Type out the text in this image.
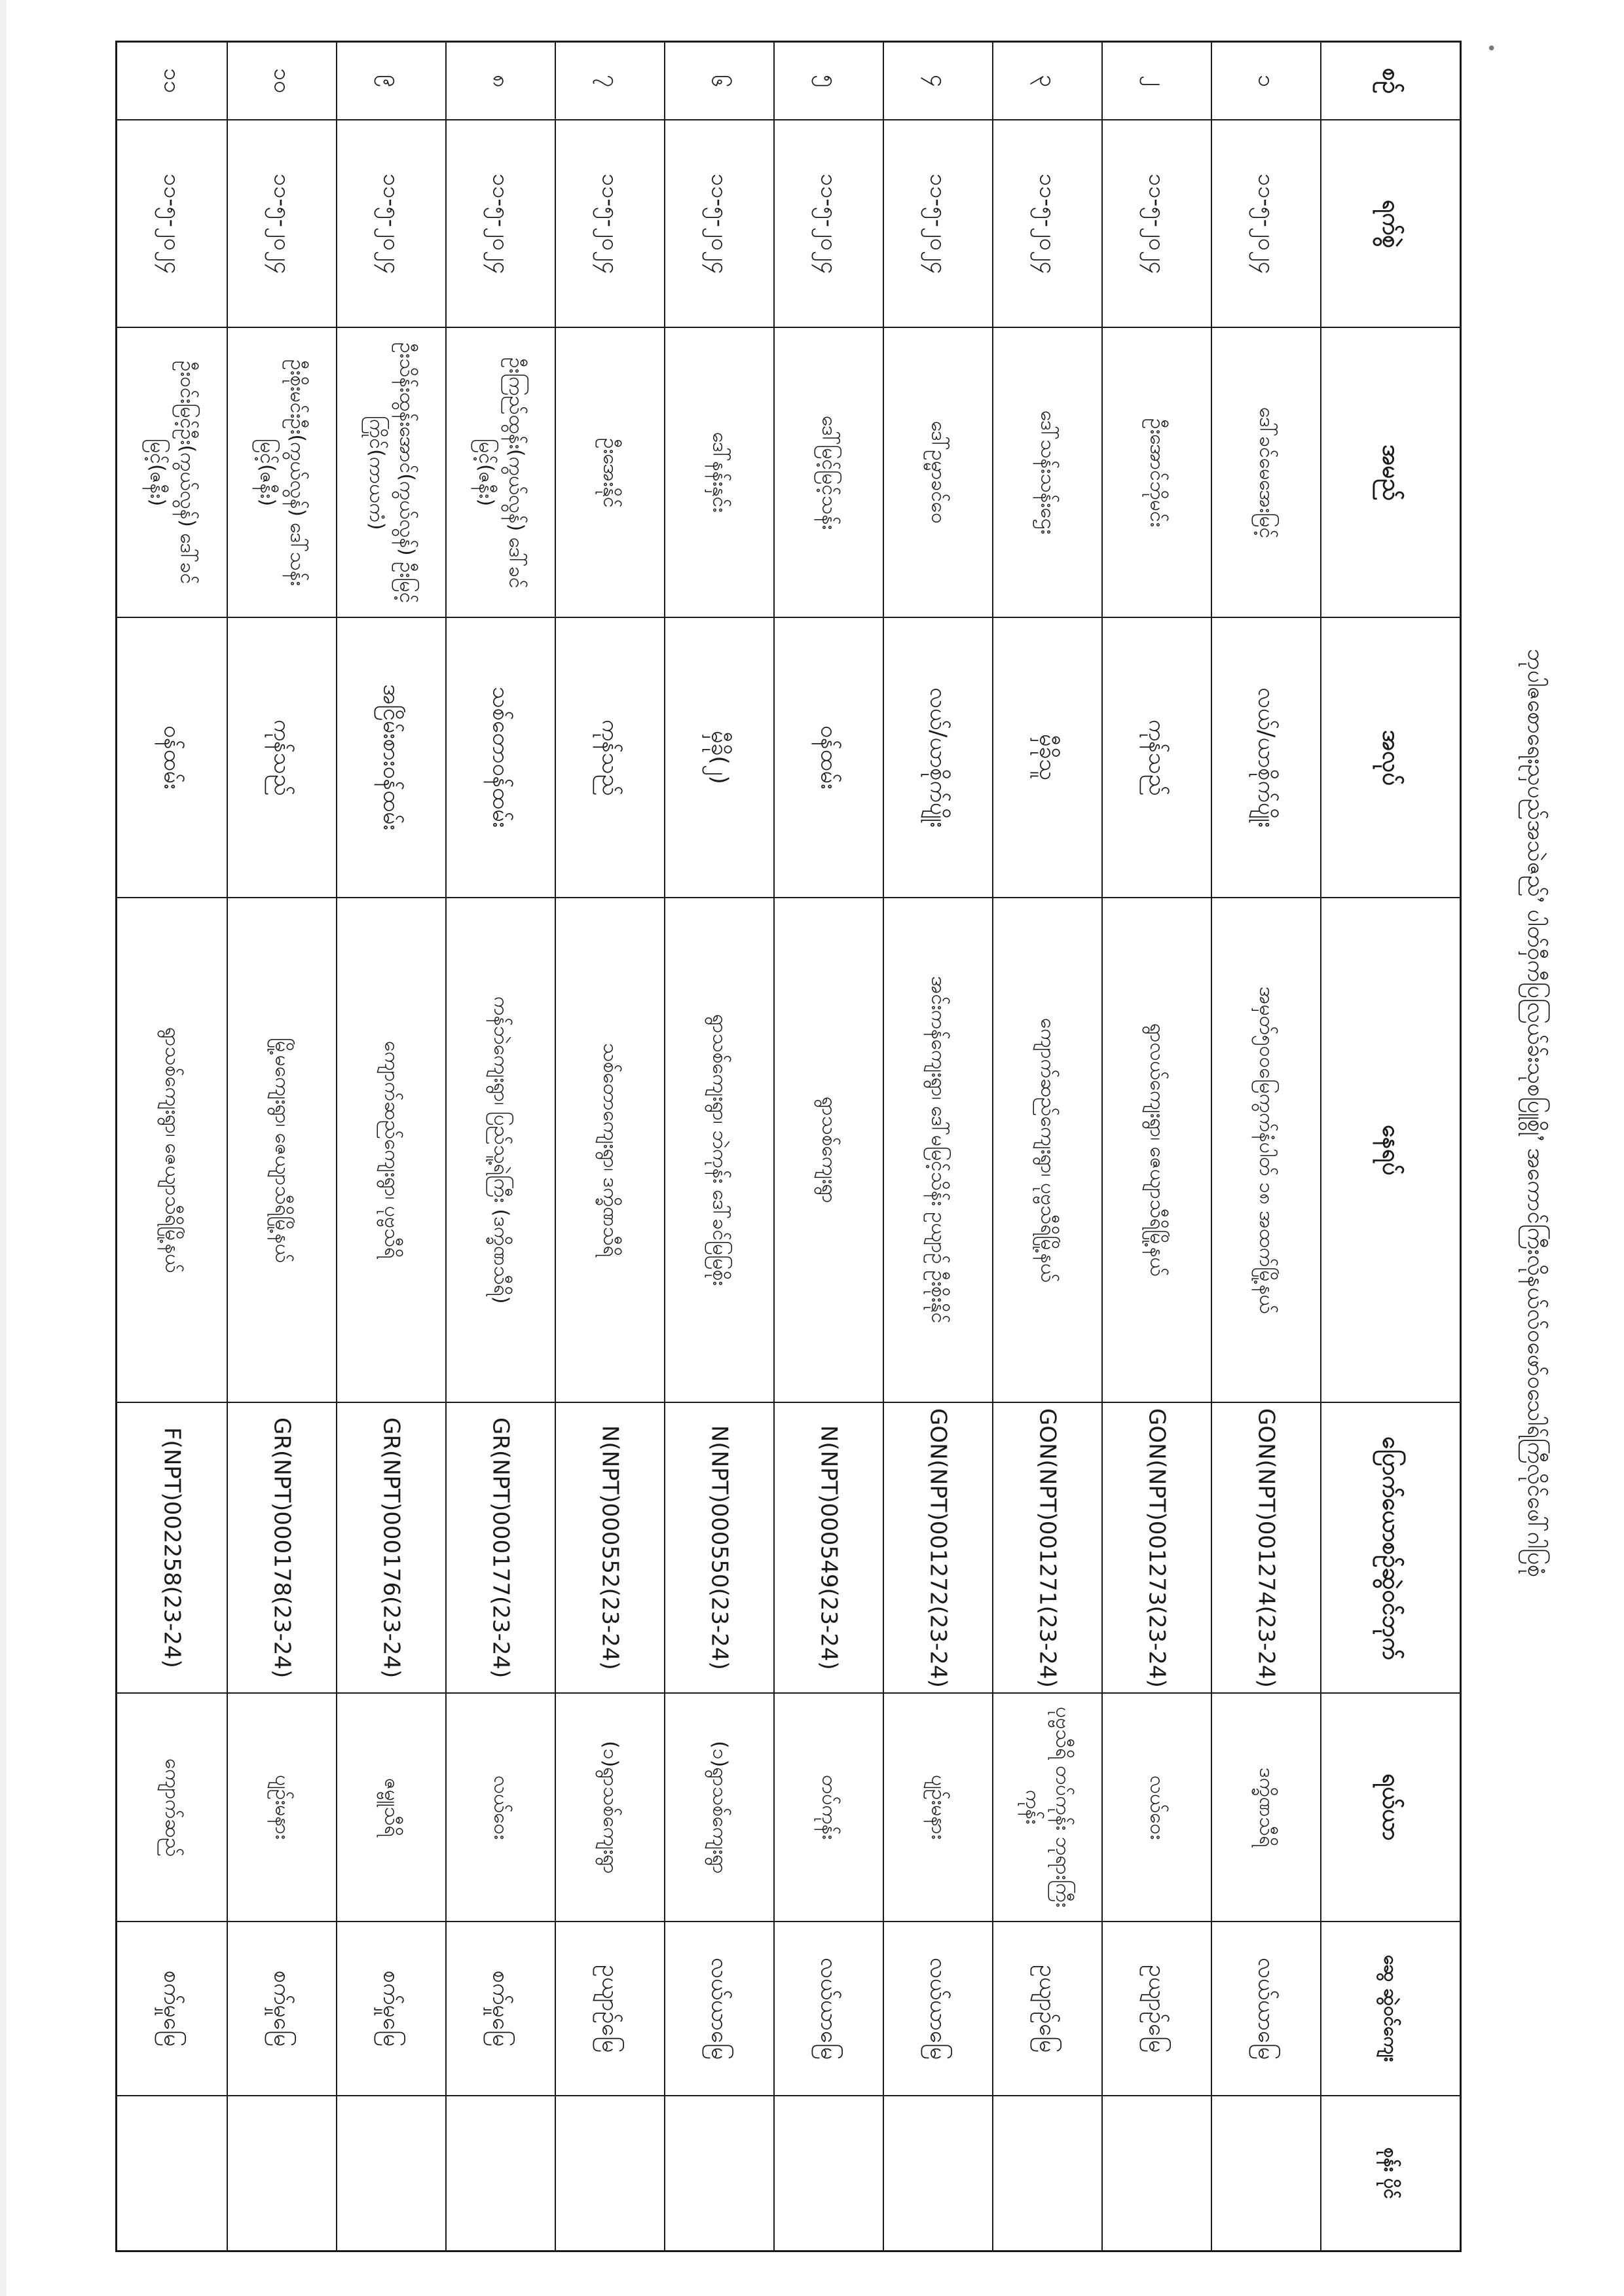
•
ဘုပါဇစောရေးညှပည်အသဲဇည်ႛ ပါတ်ဝှီကီပြလြယ်ခ်းသုစပြူစွိုႛ အကောင်ကြီးလိုနယ်လ်ဝဖော်ဝသေါရ်ကြီလိုင်ဖေါ်ဂါပြစုံ
စဉ်
ရက်စွဲ
အမည်
အလုပ်
နေရပ်
ပြောက်ယောစဉ်ဆွဲဝင်ဘုက်
ရယ်ယာ
ဆွေ ဆွဲဝင်ကျေး
စုန်း ပိုင်
၁
၁၁-၅-၂၀၂၄
ဒေါ်ခင်မေအေးမြင့်
လယ်/ယာစိုက်ပျိုး
အမှတ်၅၀၀မြေကွက်နံပါတ် ၁၈ အထက်မြို့နယ်
GON(NPT)001274(23-24)
ဒက္ခိဏသီရိ
လယ်ယာမြေ
၂
၁၁-၅-၂၀၂၄
ဦးအောင်ဘိုမင်း
ကုန်သည်
ရွာလယ်ကျေးရွာ၊ ဇေယျာသီရိမြို့နယ်
GON(NPT)001273(23-24)
လယ်ဝေး
ဥယျာဉ်မြေ
၃
၁၁-၅-၂၀၂၄
ဒေါ်သန်းသန်းဌေး
မှီခိုသူ
ကျောက်ဆည်ကျေးရွာ၊ ပုဗ္ဗသီရိမြို့နယ်
GON(NPT)001271(23-24)
ပုဗ္ဗသီရိ တပ်ကုန်း ဘုရားကြီးကုန်း
ဥယျာဉ်မြေ
၄
၁၁-၅-၂၀၂၄
ဒေါ်ဥမ္မာခင်ဝေ
လယ်/ယာစိုက်ပျိုး
အင်းကန်ကျေးရွာ၊ ဒေါ်မမြင့်သိန်း ဥယျာဉ် ဦးစိုးနိုင်
GON(NPT)001272(23-24)
ပျဉ်းမနား
လယ်ယာမြေ
၅
၁၁-၅-၂၀၂၄
ဒေါ်မြင့်မြင့်သန်း
ဝန်ထမ်း
ရွာသစ်ကျေးရွာ
N(NPT)000549(23-24)
တပ်ကုန်း
လယ်ယာမြေ
၆
၁၁-၅-၂၀၂၄
ဒေါ်နန်းနှင်း
မှီခို(၂)
ရွာသစ်ကျေးရွာ၊ ဘဲကုန်း ဒေါ်ခင်မြမြစိုး
N(NPT)000550(23-24)
(၁)ရွာသစ်ကျေးရွာ
လယ်ယာမြေ
၇
၁၁-၅-၂၀၂၄
ဦးအေးနိုင်
ကုန်သည်
သစ်တောကျေးရွာ၊ ဒက္ခိဏသီရိ
N(NPT)000552(23-24)
(၁)ရွာသစ်ကျေးရွာ
ဥယျာဉ်မြေ
၈
၁၁-၅-၂၀၂၄
ဦးကြည်ထွန်း(ကွယ်လွန်) ဒေါ်ခင်မြင့်(ဇနီး)
သစ်တောဝန်ထမ်း
ကန်ဘဲကျေးရွာ၊ ပြည်သူ့ရဲကြီး (ဒက္ခိဏသီရိ)
GR(NPT)000177(23-24)
လယ်ဝေး
စက်မှုမြေ
၉
၁၁-၅-၂၀၂၄
ဦးသိန်းထွန်းအောင်(ကွယ်လွန်) ဦးမြင့်ကြိုင်(ကာယကံ)
အငြိမ်းစားဝန်ထမ်း
ကျောက်ဆည်ကျေးရွာ၊ ပုဗ္ဗသီရိ
GR(NPT)000176(23-24)
ဇမ္ဗူသီရိ
စက်မှုမြေ
၁၀
၁၁-၅-၂၀၂၄
ဦးစိုးမင်းဦး(ကွယ်လွန်) ဒေါ်သန်းမြင့်(ဇနီး)
ကုန်သည်
မြို့မကျေးရွာ၊ ဇေယျာသီရိမြို့နယ်
GR(NPT)000178(23-24)
ပျဉ်းမနား
စက်မှုမြေ
၁၁
၁၁-၅-၂၀၂၄
ဦးဝင်းမြင့်ဦး(ကွယ်လွန်) ဒေါ်ခင်မြင့်(ဇနီး)
ဝန်ထမ်း
ရွာသစ်ကျေးရွာ၊ ဇေယျာသီရိမြို့နယ်
F(NPT)002258(23-24)
ကျောက်ဆည်
စက်မှုမြေ
